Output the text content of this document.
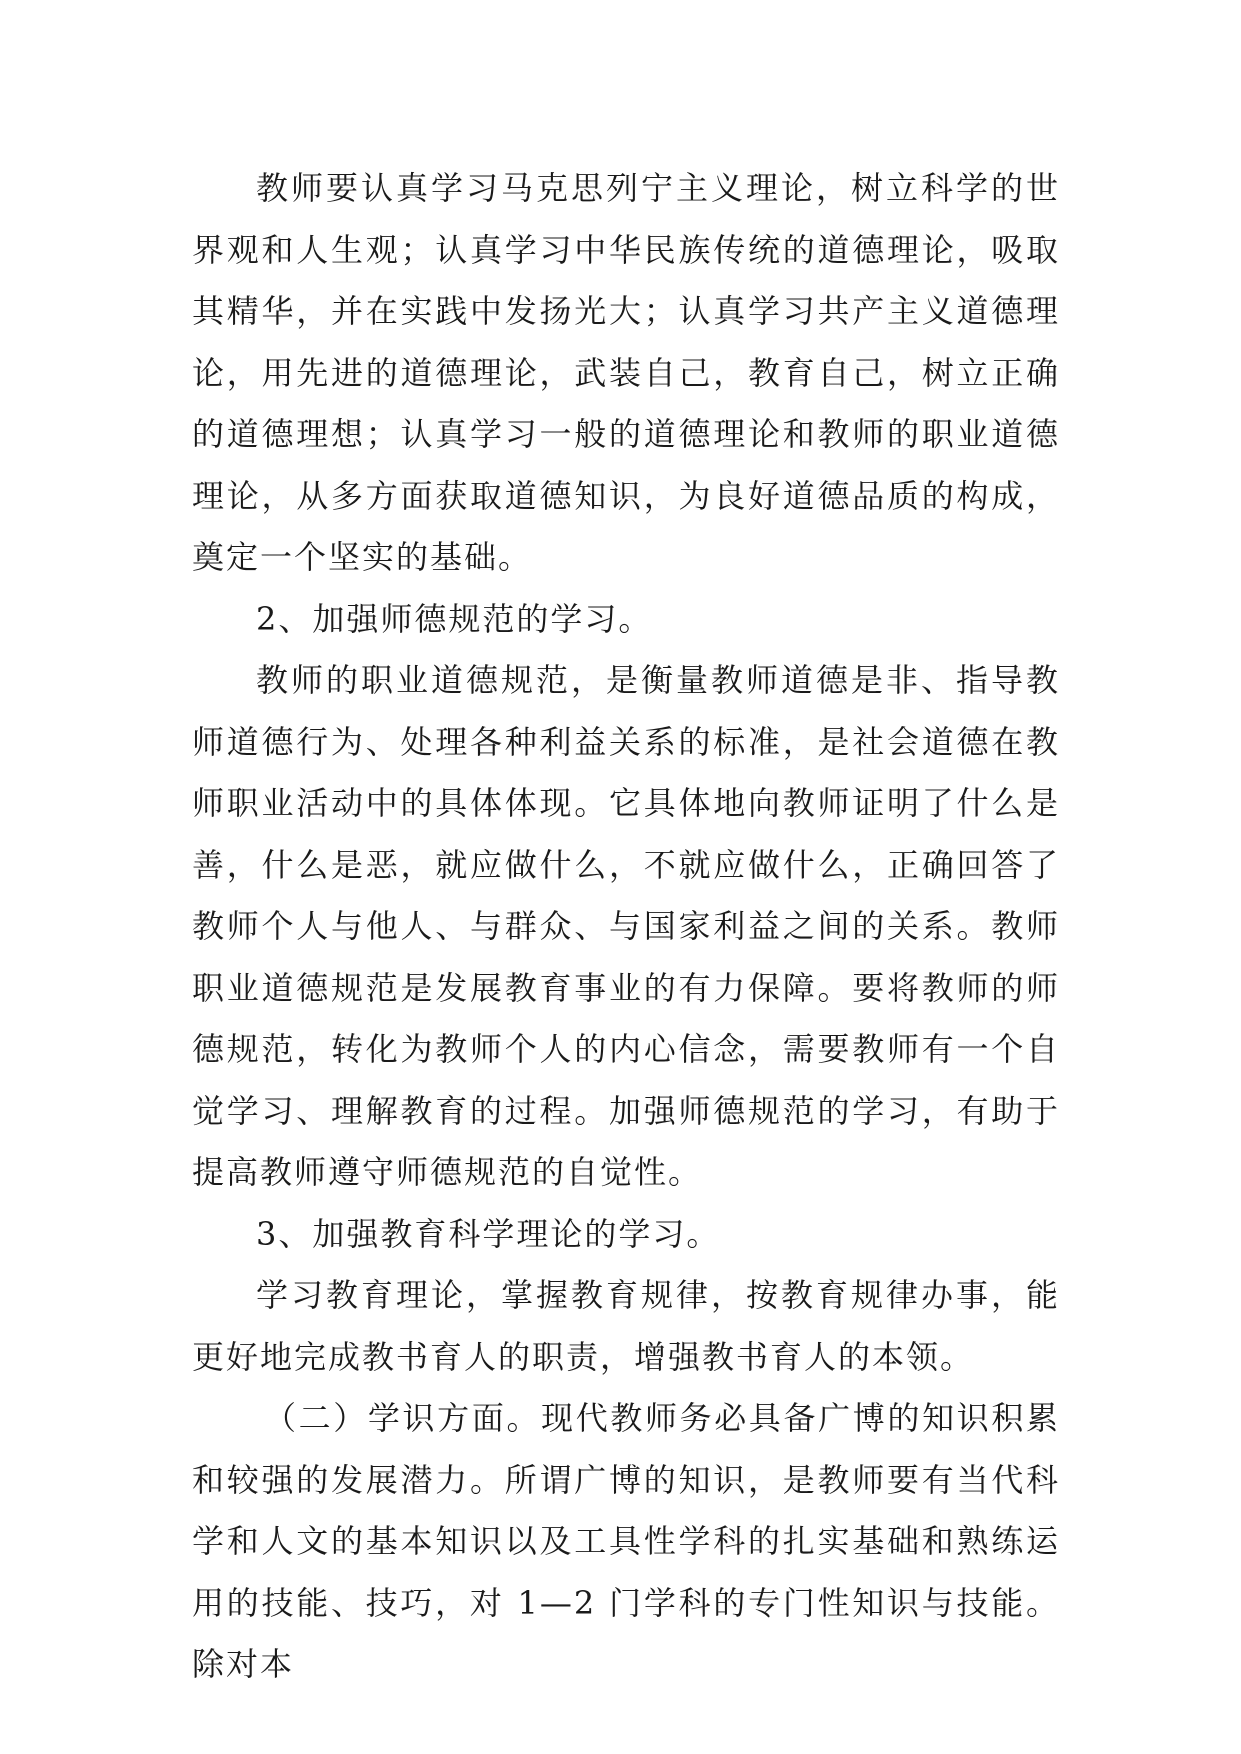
教师要认真学习马克思列宁主义理论，树立科学的世界观和人生观；认真学习中华民族传统的道德理论，吸取其精华，并在实践中发扬光大；认真学习共产主义道德理论，用先进的道德理论，武装自己，教育自己，树立正确的道德理想；认真学习一般的道德理论和教师的职业道德理论，从多方面获取道德知识，为良好道德品质的构成，奠定一个坚实的基础。

2、加强师德规范的学习。

教师的职业道德规范，是衡量教师道德是非、指导教师道德行为、处理各种利益关系的标准，是社会道德在教师职业活动中的具体体现。它具体地向教师证明了什么是善，什么是恶，就应做什么，不就应做什么，正确回答了教师个人与他人、与群众、与国家利益之间的关系。教师职业道德规范是发展教育事业的有力保障。要将教师的师德规范，转化为教师个人的内心信念，需要教师有一个自觉学习、理解教育的过程。加强师德规范的学习，有助于提高教师遵守师德规范的自觉性。

3、加强教育科学理论的学习。

学习教育理论，掌握教育规律，按教育规律办事，能更好地完成教书育人的职责，增强教书育人的本领。

（二）学识方面。现代教师务必具备广博的知识积累和较强的发展潜力。所谓广博的知识，是教师要有当代科学和人文的基本知识以及工具性学科的扎实基础和熟练运用的技能、技巧，对 1—2 门学科的专门性知识与技能。除对本
